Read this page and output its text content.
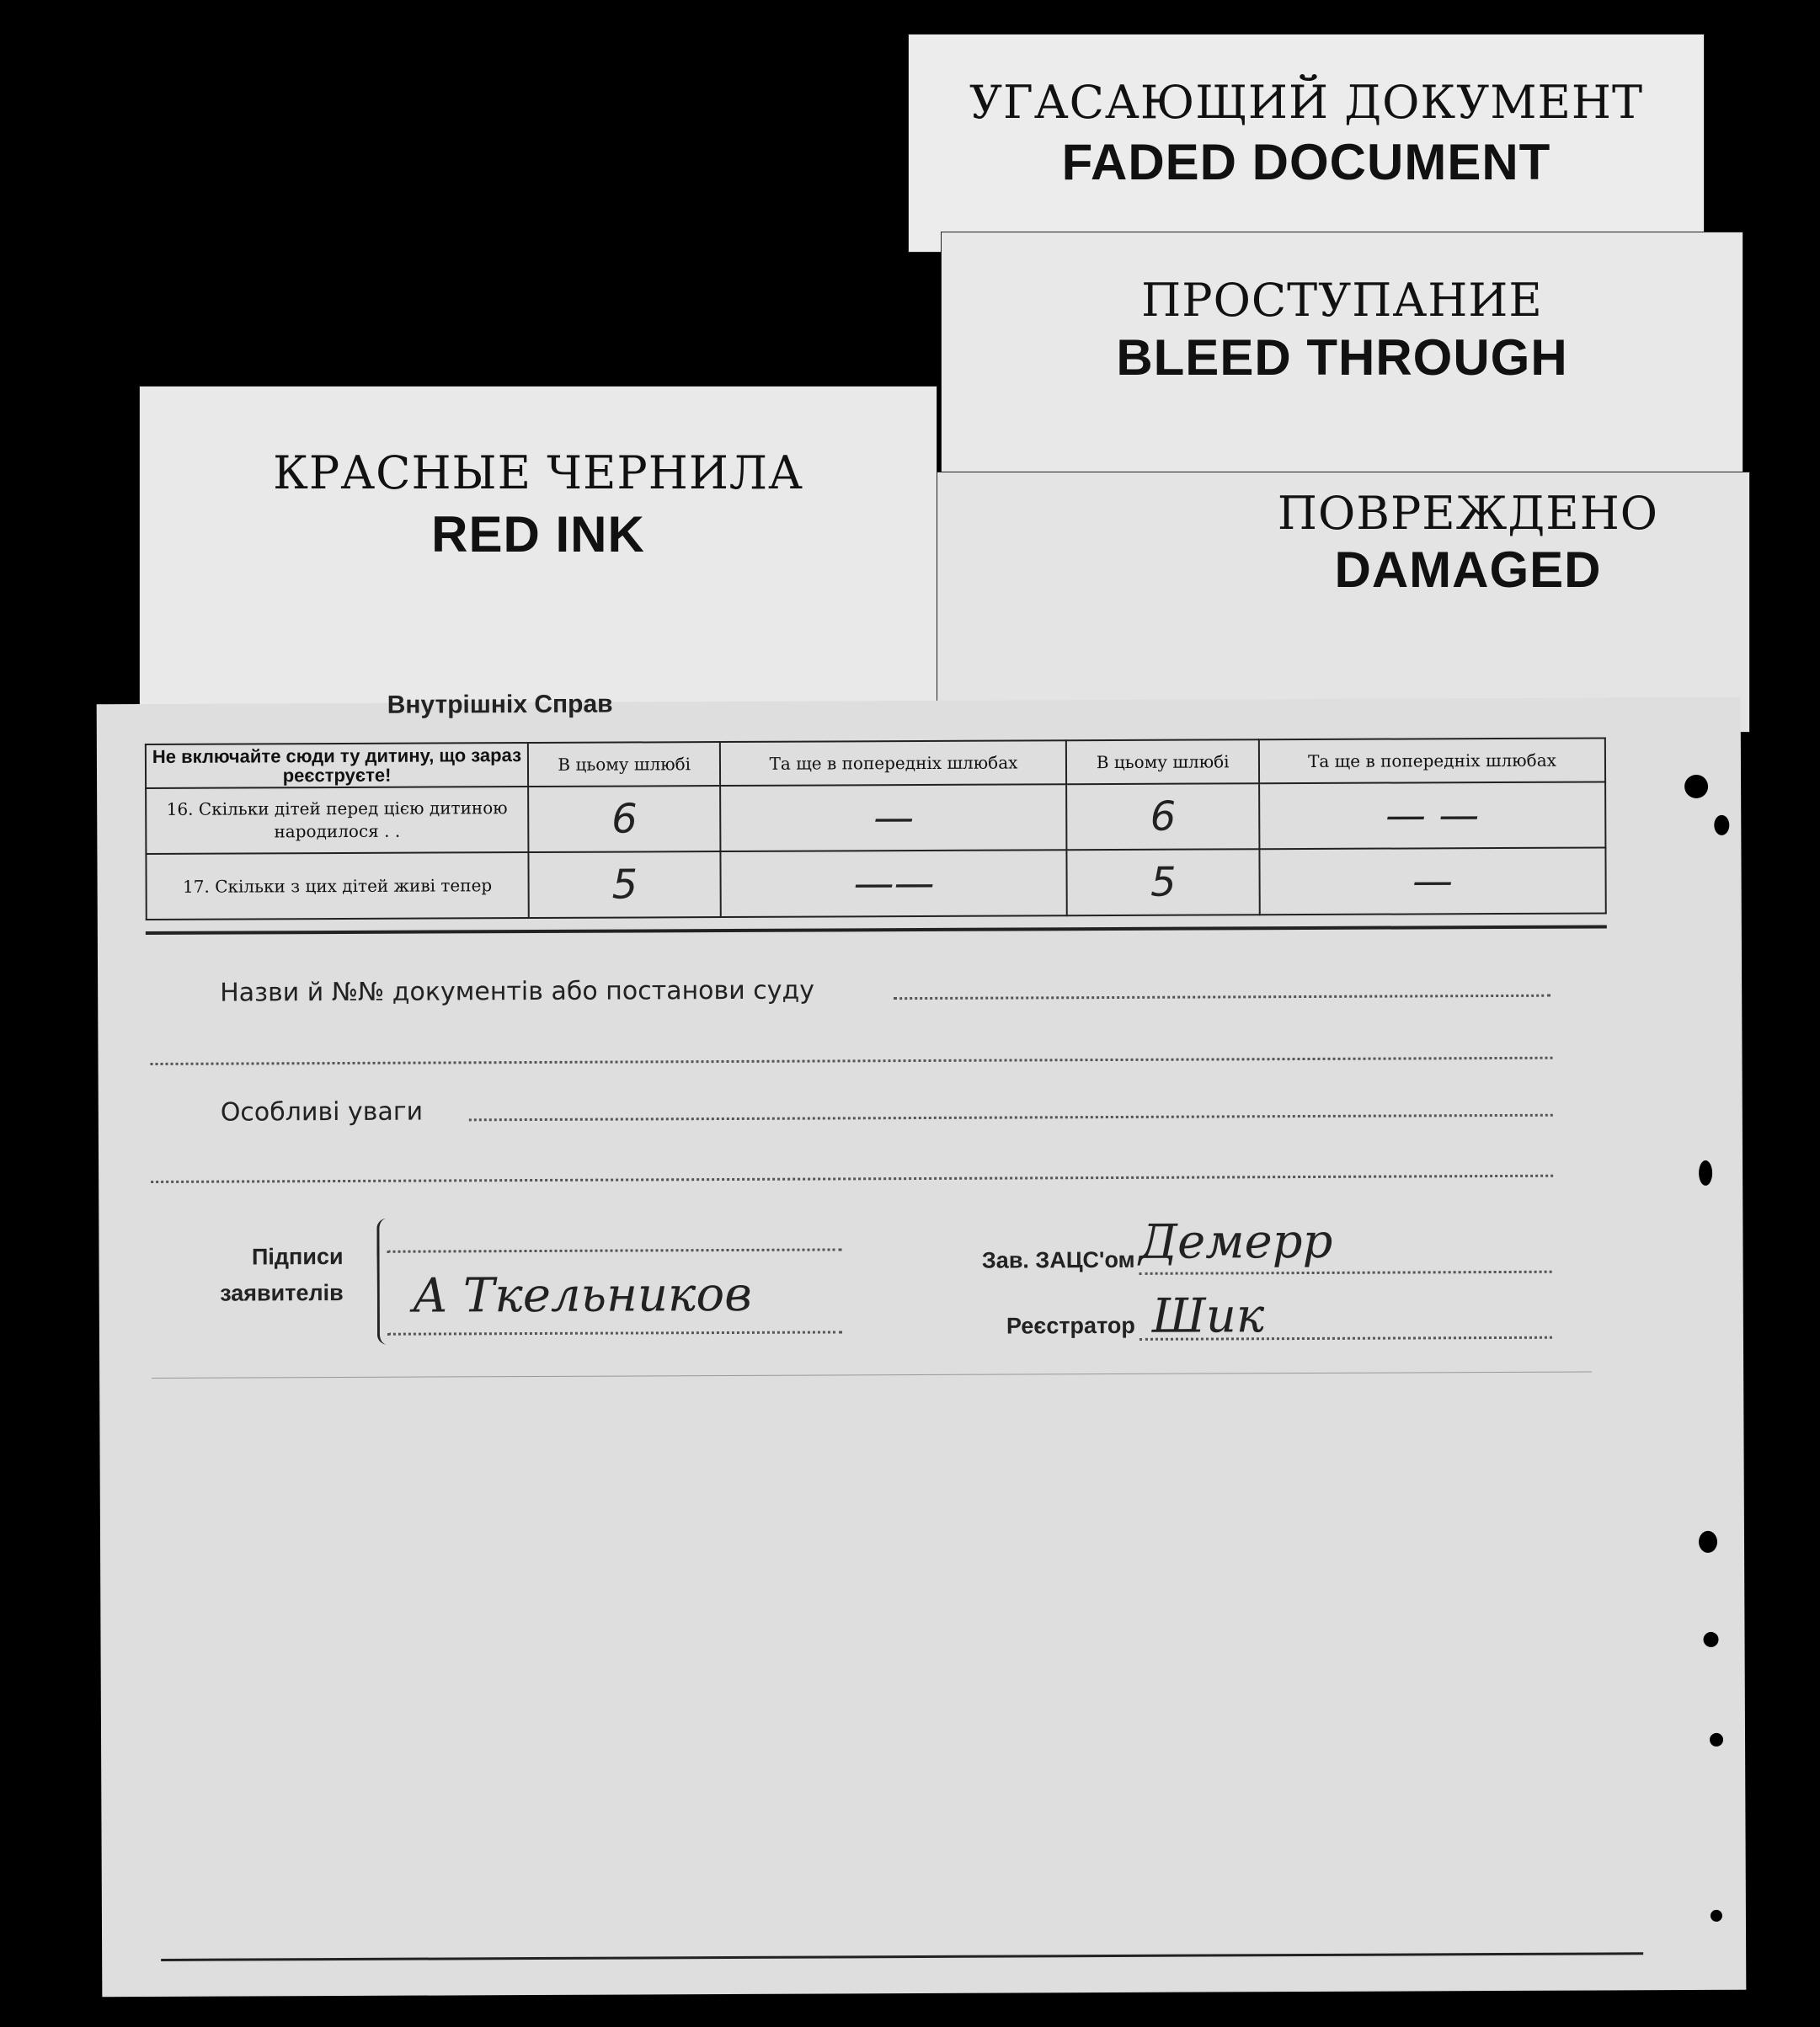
УГАСАЮЩИЙ ДОКУМЕНТ
FADED DOCUMENT
ПРОСТУПАНИЕ
BLEED THROUGH
ПОВРЕЖДЕНО
DAMAGED
КРАСНЫЕ ЧЕРНИЛА
RED INK
Внутрішніх Справ
Не включайте сюди ту дитину, що зараз реєструєте!	В цьому шлюбі	Та ще в попередніх шлюбах	В цьому шлюбі	Та ще в попередніх шлюбах
16. Скільки дітей перед цією дитиною народилося . .	6	—	6	— —
17. Скільки з цих дітей живі тепер	5	——	5	—
Назви й №№ документів або постанови суду
Особливі уваги
Підписи
заявителів А Ткельников
Зав. ЗАЦС'ом Демерр
Реєстратор Шик
